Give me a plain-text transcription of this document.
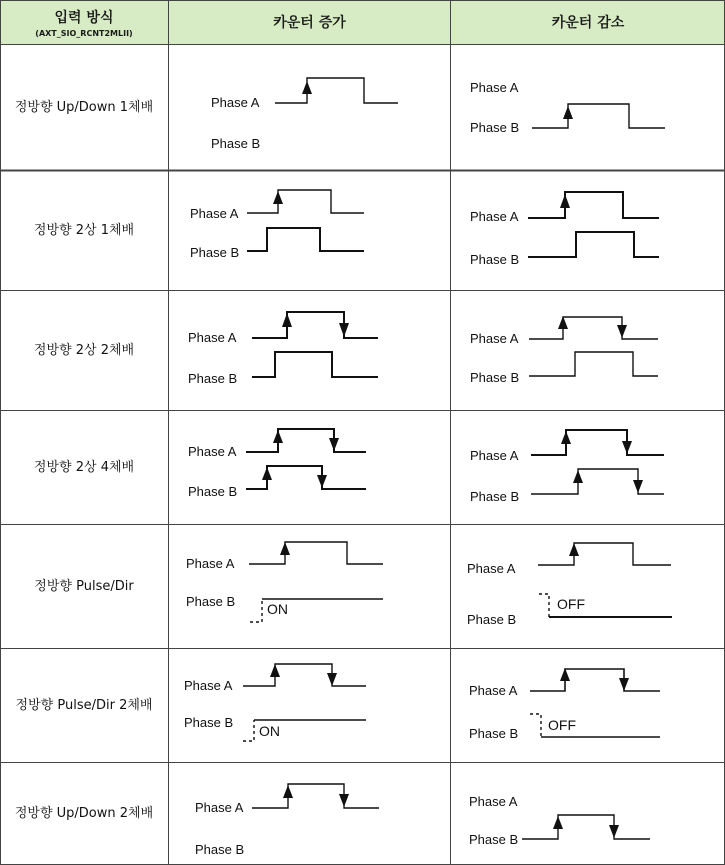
입력 방식
(AXT_SIO_RCNT2MLII)
카운터 증가	카운터 감소
정방향 Up/Down 1체배
정방향 2상 1체배
정방향 2상 2체배
정방향 2상 4체배
정방향 Pulse/Dir
정방향 Pulse/Dir 2체배
정방향 Up/Down 2체배
Phase A
Phase B
Phase A
Phase B
Phase A
Phase B
Phase A
Phase B
Phase A
Phase B
Phase A
Phase B
Phase A
Phase B
Phase A
Phase B
Phase A
Phase B ON
Phase A
Phase B
OFF
Phase A
Phase B
ON
Phase A
Phase B
OFF
Phase A
Phase B
Phase A
Phase B
